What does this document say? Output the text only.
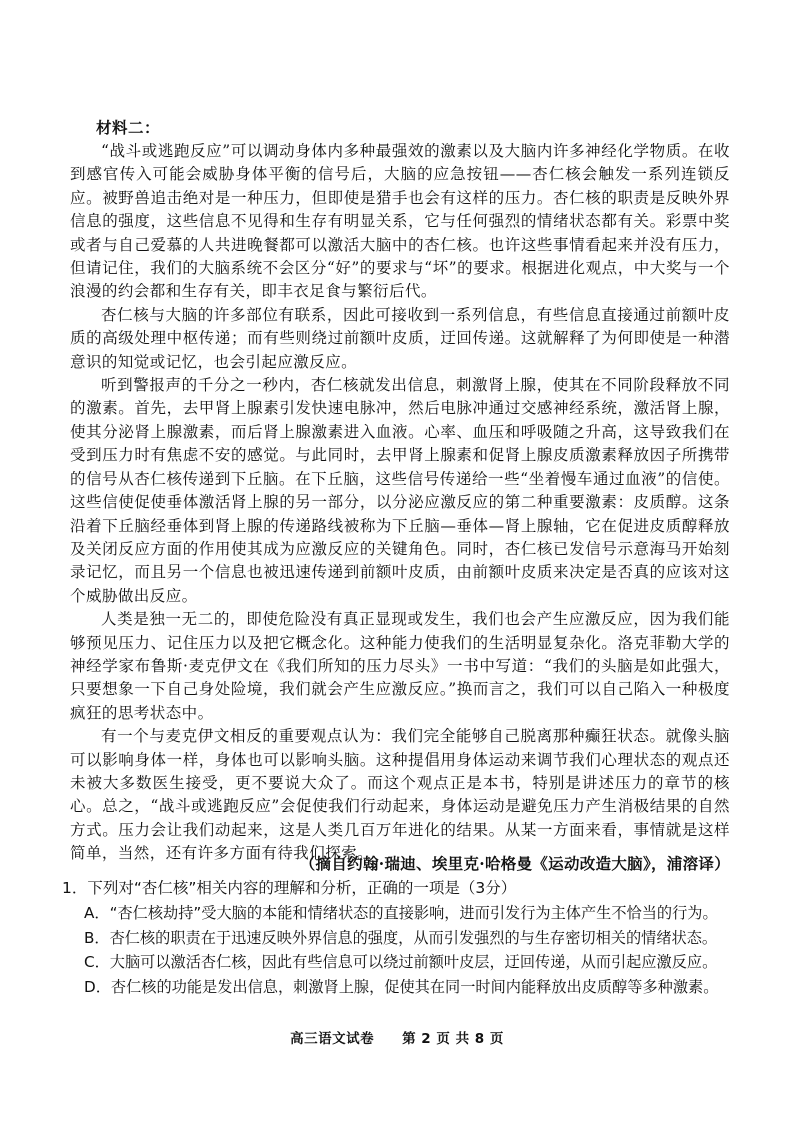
材料二：

“战斗或逃跑反应”可以调动身体内多种最强效的激素以及大脑内许多神经化学物质。在收到感官传入可能会威胁身体平衡的信号后，大脑的应急按钮——杏仁核会触发一系列连锁反应。被野兽追击绝对是一种压力，但即使是猎手也会有这样的压力。杏仁核的职责是反映外界信息的强度，这些信息不见得和生存有明显关系，它与任何强烈的情绪状态都有关。彩票中奖或者与自己爱慕的人共进晚餐都可以激活大脑中的杏仁核。也许这些事情看起来并没有压力，但请记住，我们的大脑系统不会区分“好”的要求与“坏”的要求。根据进化观点，中大奖与一个浪漫的约会都和生存有关，即丰衣足食与繁衍后代。

杏仁核与大脑的许多部位有联系，因此可接收到一系列信息，有些信息直接通过前额叶皮质的高级处理中枢传递；而有些则绕过前额叶皮质，迂回传递。这就解释了为何即使是一种潜意识的知觉或记忆，也会引起应激反应。

听到警报声的千分之一秒内，杏仁核就发出信息，刺激肾上腺，使其在不同阶段释放不同的激素。首先，去甲肾上腺素引发快速电脉冲，然后电脉冲通过交感神经系统，激活肾上腺，使其分泌肾上腺激素，而后肾上腺激素进入血液。心率、血压和呼吸随之升高，这导致我们在受到压力时有焦虑不安的感觉。与此同时，去甲肾上腺素和促肾上腺皮质激素释放因子所携带的信号从杏仁核传递到下丘脑。在下丘脑，这些信号传递给一些“坐着慢车通过血液”的信使。这些信使促使垂体激活肾上腺的另一部分，以分泌应激反应的第二种重要激素：皮质醇。这条沿着下丘脑经垂体到肾上腺的传递路线被称为下丘脑—垂体—肾上腺轴，它在促进皮质醇释放及关闭反应方面的作用使其成为应激反应的关键角色。同时，杏仁核已发信号示意海马开始刻录记忆，而且另一个信息也被迅速传递到前额叶皮质，由前额叶皮质来决定是否真的应该对这个威胁做出反应。

人类是独一无二的，即使危险没有真正显现或发生，我们也会产生应激反应，因为我们能够预见压力、记住压力以及把它概念化。这种能力使我们的生活明显复杂化。洛克菲勒大学的神经学家布鲁斯·麦克伊文在《我们所知的压力尽头》一书中写道：“我们的头脑是如此强大，只要想象一下自己身处险境，我们就会产生应激反应。”换而言之，我们可以自己陷入一种极度疯狂的思考状态中。

有一个与麦克伊文相反的重要观点认为：我们完全能够自己脱离那种癫狂状态。就像头脑可以影响身体一样，身体也可以影响头脑。这种提倡用身体运动来调节我们心理状态的观点还未被大多数医生接受，更不要说大众了。而这个观点正是本书，特别是讲述压力的章节的核心。总之，“战斗或逃跑反应”会促使我们行动起来，身体运动是避免压力产生消极结果的自然方式。压力会让我们动起来，这是人类几百万年进化的结果。从某一方面来看，事情就是这样简单，当然，还有许多方面有待我们探索。

（摘自约翰·瑞迪、埃里克·哈格曼《运动改造大脑》，浦溶译）

1．下列对“杏仁核”相关内容的理解和分析，正确的一项是（3分）

A．“杏仁核劫持”受大脑的本能和情绪状态的直接影响，进而引发行为主体产生不恰当的行为。

B．杏仁核的职责在于迅速反映外界信息的强度，从而引发强烈的与生存密切相关的情绪状态。

C．大脑可以激活杏仁核，因此有些信息可以绕过前额叶皮层，迂回传递，从而引起应激反应。

D．杏仁核的功能是发出信息，刺激肾上腺，促使其在同一时间内能释放出皮质醇等多种激素。

高三语文试卷　　第 2 页 共 8 页
